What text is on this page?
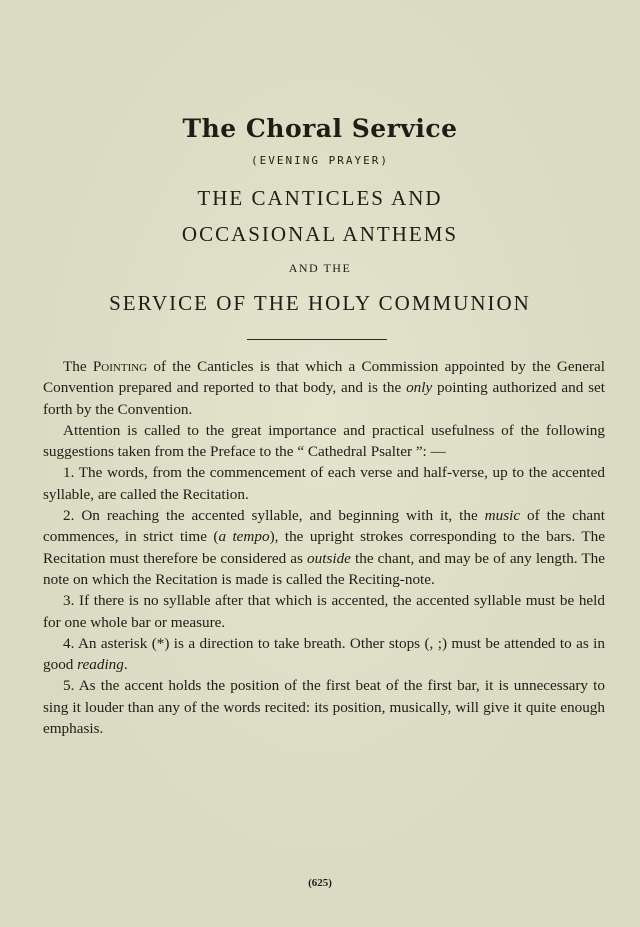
The Choral Service
(EVENING PRAYER)
THE CANTICLES AND
OCCASIONAL ANTHEMS
AND THE
SERVICE OF THE HOLY COMMUNION

The Pointing of the Canticles is that which a Commission appointed by the General Convention prepared and reported to that body, and is the only pointing authorized and set forth by the Convention.

Attention is called to the great importance and practical usefulness of the following suggestions taken from the Preface to the “ Cathedral Psalter ”: —

1. The words, from the commencement of each verse and half-verse, up to the accented syllable, are called the Recitation.

2. On reaching the accented syllable, and beginning with it, the music of the chant commences, in strict time (a tempo), the upright strokes corresponding to the bars. The Recitation must therefore be considered as outside the chant, and may be of any length. The note on which the Recitation is made is called the Reciting-note.

3. If there is no syllable after that which is accented, the accented syllable must be held for one whole bar or measure.

4. An asterisk (*) is a direction to take breath. Other stops (, ;) must be attended to as in good reading.

5. As the accent holds the position of the first beat of the first bar, it is unnecessary to sing it louder than any of the words recited: its position, musically, will give it quite enough emphasis.

(625)
